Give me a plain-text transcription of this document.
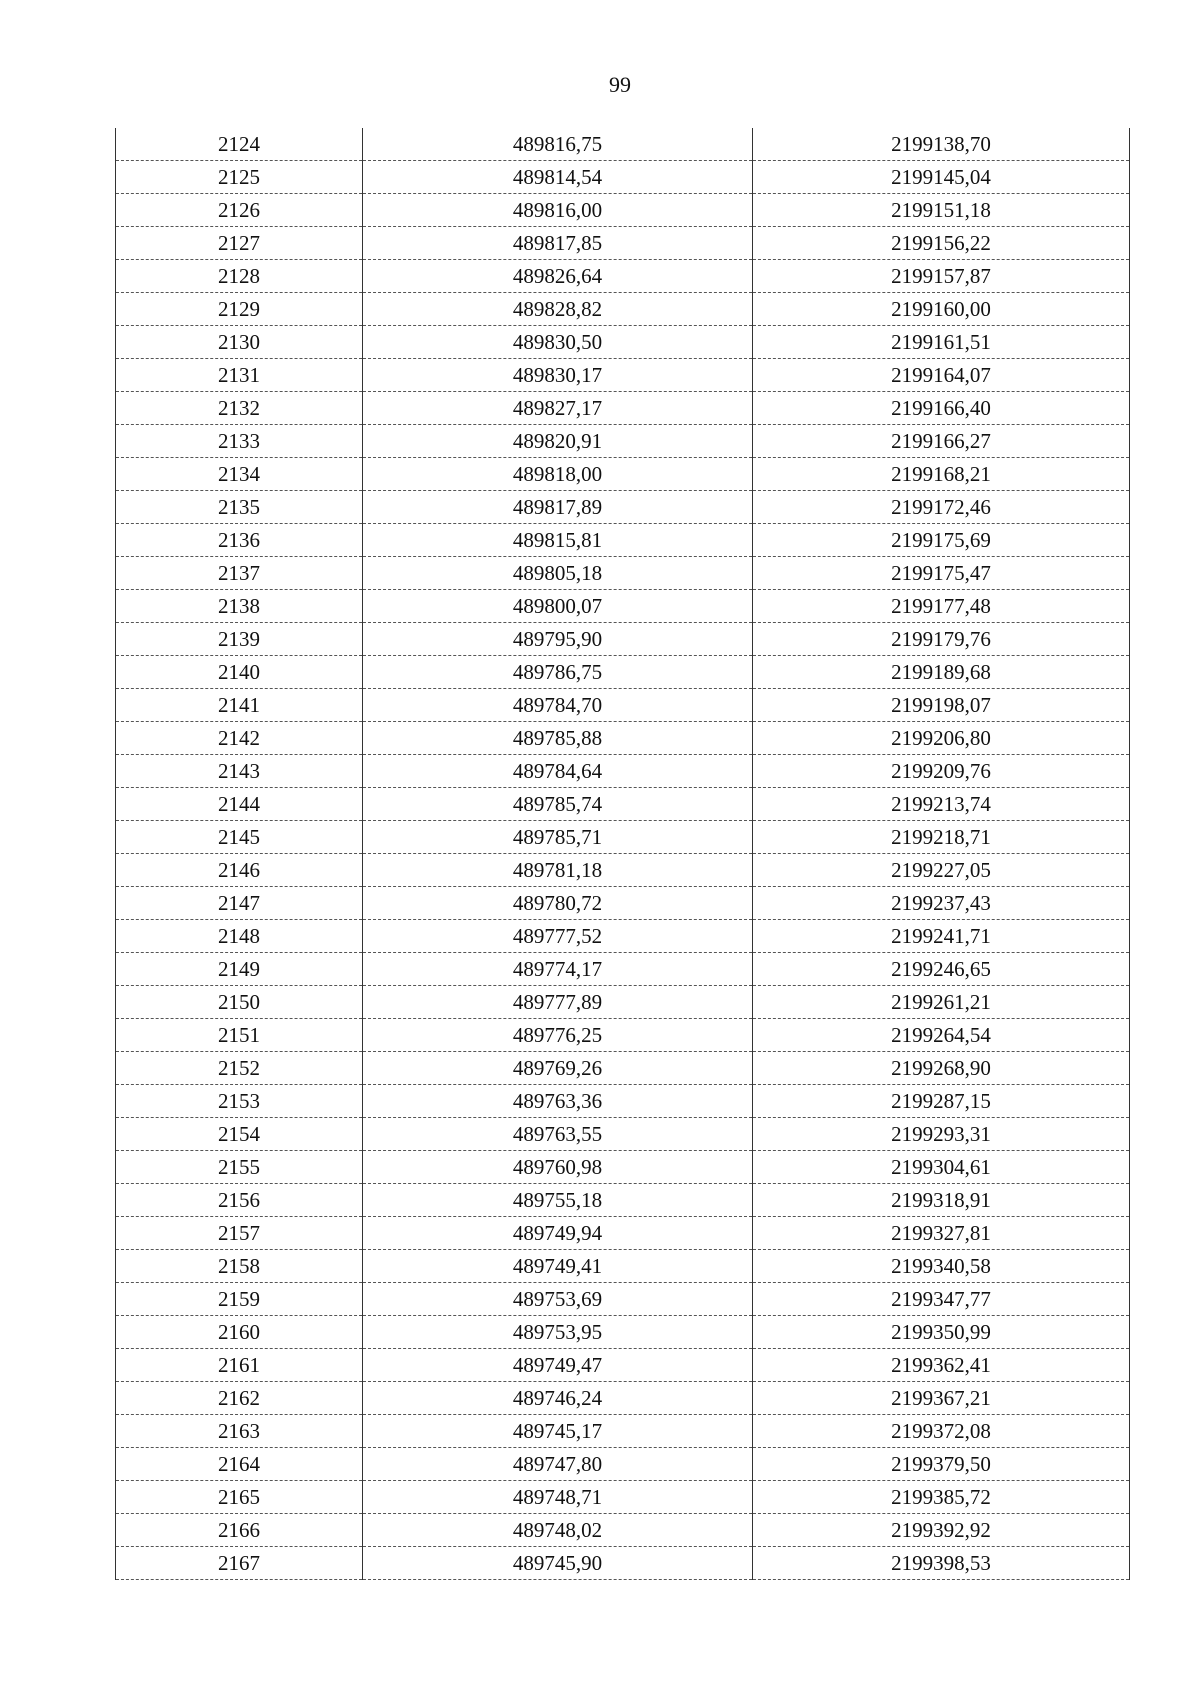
99
2124	489816,75	2199138,70
2125	489814,54	2199145,04
2126	489816,00	2199151,18
2127	489817,85	2199156,22
2128	489826,64	2199157,87
2129	489828,82	2199160,00
2130	489830,50	2199161,51
2131	489830,17	2199164,07
2132	489827,17	2199166,40
2133	489820,91	2199166,27
2134	489818,00	2199168,21
2135	489817,89	2199172,46
2136	489815,81	2199175,69
2137	489805,18	2199175,47
2138	489800,07	2199177,48
2139	489795,90	2199179,76
2140	489786,75	2199189,68
2141	489784,70	2199198,07
2142	489785,88	2199206,80
2143	489784,64	2199209,76
2144	489785,74	2199213,74
2145	489785,71	2199218,71
2146	489781,18	2199227,05
2147	489780,72	2199237,43
2148	489777,52	2199241,71
2149	489774,17	2199246,65
2150	489777,89	2199261,21
2151	489776,25	2199264,54
2152	489769,26	2199268,90
2153	489763,36	2199287,15
2154	489763,55	2199293,31
2155	489760,98	2199304,61
2156	489755,18	2199318,91
2157	489749,94	2199327,81
2158	489749,41	2199340,58
2159	489753,69	2199347,77
2160	489753,95	2199350,99
2161	489749,47	2199362,41
2162	489746,24	2199367,21
2163	489745,17	2199372,08
2164	489747,80	2199379,50
2165	489748,71	2199385,72
2166	489748,02	2199392,92
2167	489745,90	2199398,53
